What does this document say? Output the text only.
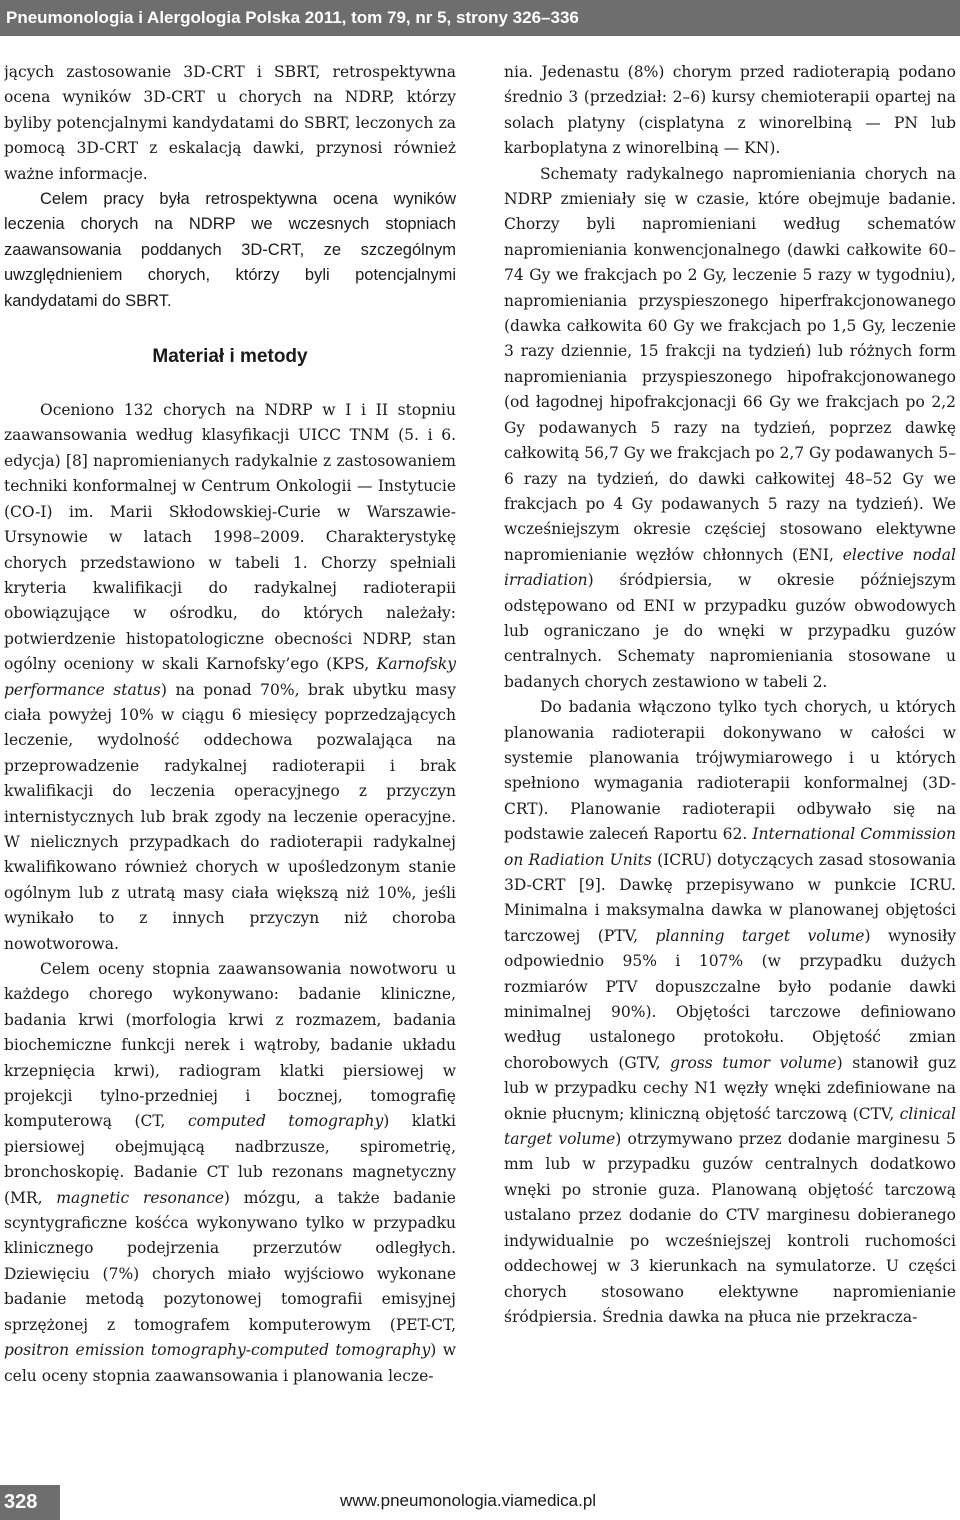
Pneumonologia i Alergologia Polska 2011, tom 79, nr 5, strony 326–336

jących zastosowanie 3D-CRT i SBRT, retrospektywna ocena wyników 3D-CRT u chorych na NDRP, którzy byliby potencjalnymi kandydatami do SBRT, leczonych za pomocą 3D-CRT z eskalacją dawki, przynosi również ważne informacje.

Celem pracy była retrospektywna ocena wyników leczenia chorych na NDRP we wczesnych stopniach zaawansowania poddanych 3D-CRT, ze szczególnym uwzględnieniem chorych, którzy byli potencjalnymi kandydatami do SBRT.

Materiał i metody

Oceniono 132 chorych na NDRP w I i II stopniu zaawansowania według klasyfikacji UICC TNM (5. i 6. edycja) [8] napromienianych radykalnie z zastosowaniem techniki konformalnej w Centrum Onkologii — Instytucie (CO-I) im. Marii Skłodowskiej-Curie w Warszawie-Ursynowie w latach 1998–2009. Charakterystykę chorych przedstawiono w tabeli 1. Chorzy spełniali kryteria kwalifikacji do radykalnej radioterapii obowiązujące w ośrodku, do których należały: potwierdzenie histopatologiczne obecności NDRP, stan ogólny oceniony w skali Karnofsky’ego (KPS, Karnofsky performance status) na ponad 70%, brak ubytku masy ciała powyżej 10% w ciągu 6 miesięcy poprzedzających leczenie, wydolność oddechowa pozwalająca na przeprowadzenie radykalnej radioterapii i brak kwalifikacji do leczenia operacyjnego z przyczyn internistycznych lub brak zgody na leczenie operacyjne. W nielicznych przypadkach do radioterapii radykalnej kwalifikowano również chorych w upośledzonym stanie ogólnym lub z utratą masy ciała większą niż 10%, jeśli wynikało to z innych przyczyn niż choroba nowotworowa.

Celem oceny stopnia zaawansowania nowotworu u każdego chorego wykonywano: badanie kliniczne, badania krwi (morfologia krwi z rozmazem, badania biochemiczne funkcji nerek i wątroby, badanie układu krzepnięcia krwi), radiogram klatki piersiowej w projekcji tylno-przedniej i bocznej, tomografię komputerową (CT, computed tomography) klatki piersiowej obejmującą nadbrzusze, spirometrię, bronchoskopię. Badanie CT lub rezonans magnetyczny (MR, magnetic resonance) mózgu, a także badanie scyntygraficzne kośćca wykonywano tylko w przypadku klinicznego podejrzenia przerzutów odległych. Dziewięciu (7%) chorych miało wyjściowo wykonane badanie metodą pozytonowej tomografii emisyjnej sprzężonej z tomografem komputerowym (PET-CT, positron emission tomography-computed tomography) w celu oceny stopnia zaawansowania i planowania lecze-

nia. Jedenastu (8%) chorym przed radioterapią podano średnio 3 (przedział: 2–6) kursy chemioterapii opartej na solach platyny (cisplatyna z winorelbiną — PN lub karboplatyna z winorelbiną — KN).

Schematy radykalnego napromieniania chorych na NDRP zmieniały się w czasie, które obejmuje badanie. Chorzy byli napromieniani według schematów napromieniania konwencjonalnego (dawki całkowite 60–74 Gy we frakcjach po 2 Gy, leczenie 5 razy w tygodniu), napromieniania przyspieszonego hiperfrakcjonowanego (dawka całkowita 60 Gy we frakcjach po 1,5 Gy, leczenie 3 razy dziennie, 15 frakcji na tydzień) lub różnych form napromieniania przyspieszonego hipofrakcjonowanego (od łagodnej hipofrakcjonacji 66 Gy we frakcjach po 2,2 Gy podawanych 5 razy na tydzień, poprzez dawkę całkowitą 56,7 Gy we frakcjach po 2,7 Gy podawanych 5–6 razy na tydzień, do dawki całkowitej 48–52 Gy we frakcjach po 4 Gy podawanych 5 razy na tydzień). We wcześniejszym okresie częściej stosowano elektywne napromienianie węzłów chłonnych (ENI, elective nodal irradiation) śródpiersia, w okresie późniejszym odstępowano od ENI w przypadku guzów obwodowych lub ograniczano je do wnęki w przypadku guzów centralnych. Schematy napromieniania stosowane u badanych chorych zestawiono w tabeli 2.

Do badania włączono tylko tych chorych, u których planowania radioterapii dokonywano w całości w systemie planowania trójwymiarowego i u których spełniono wymagania radioterapii konformalnej (3D-CRT). Planowanie radioterapii odbywało się na podstawie zaleceń Raportu 62. International Commission on Radiation Units (ICRU) dotyczących zasad stosowania 3D-CRT [9]. Dawkę przepisywano w punkcie ICRU. Minimalna i maksymalna dawka w planowanej objętości tarczowej (PTV, planning target volume) wynosiły odpowiednio 95% i 107% (w przypadku dużych rozmiarów PTV dopuszczalne było podanie dawki minimalnej 90%). Objętości tarczowe definiowano według ustalonego protokołu. Objętość zmian chorobowych (GTV, gross tumor volume) stanowił guz lub w przypadku cechy N1 węzły wnęki zdefiniowane na oknie płucnym; kliniczną objętość tarczową (CTV, clinical target volume) otrzymywano przez dodanie marginesu 5 mm lub w przypadku guzów centralnych dodatkowo wnęki po stronie guza. Planowaną objętość tarczową ustalano przez dodanie do CTV marginesu dobieranego indywidualnie po wcześniejszej kontroli ruchomości oddechowej w 3 kierunkach na symulatorze. U części chorych stosowano elektywne napromienianie śródpiersia. Średnia dawka na płuca nie przekracza-

328	www.pneumonologia.viamedica.pl
